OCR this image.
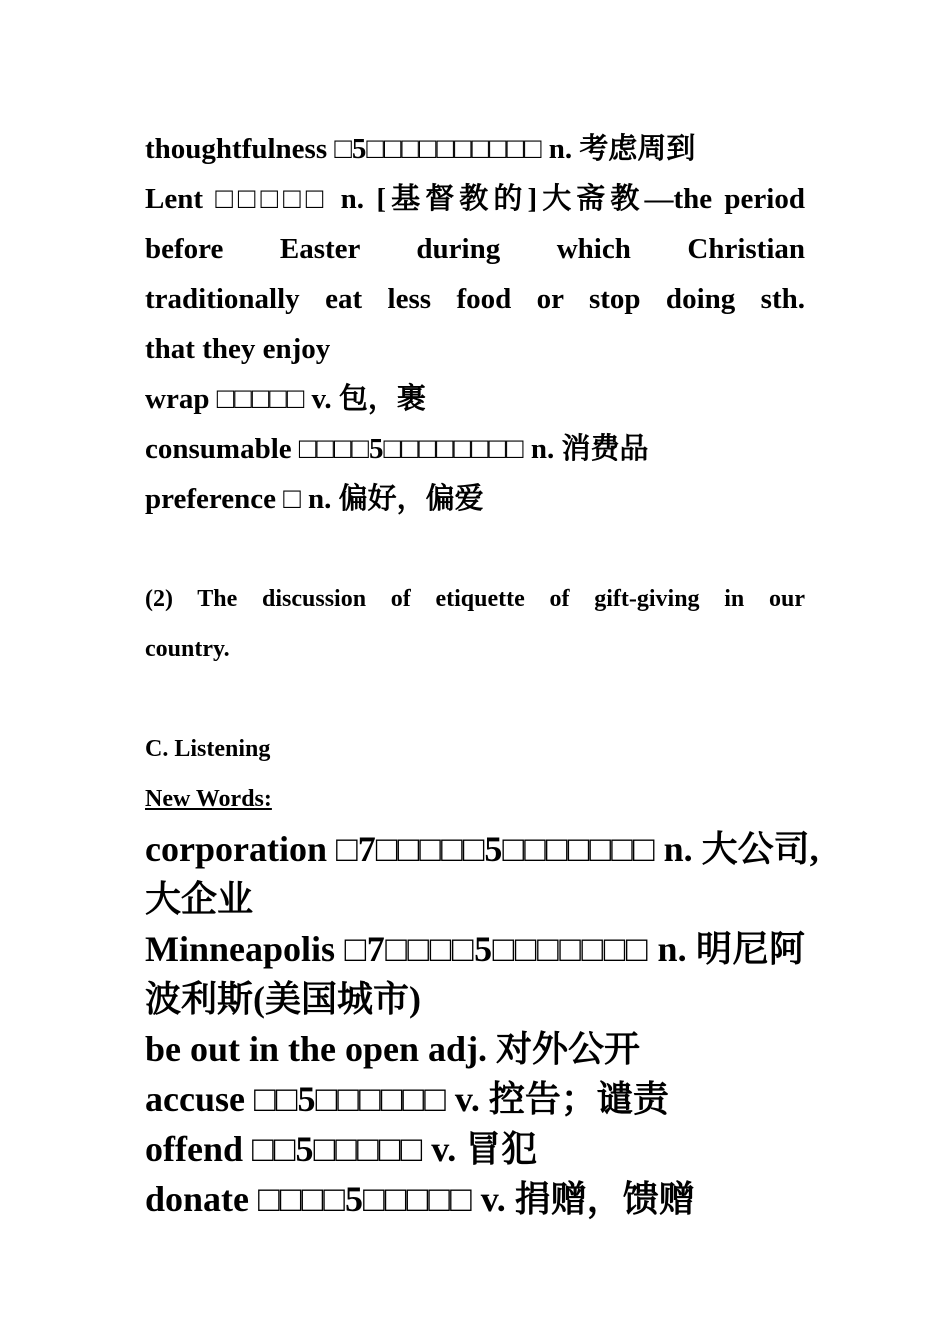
thoughtfulness □5□□□□□□□□□□ n. 考虑周到
Lent □□□□□ n. [基督教的]大斋教―the period
before Easter during which Christian
traditionally eat less food or stop doing sth.
that they enjoy
wrap □□□□□ v. 包，裹
consumable □□□□5□□□□□□□□ n. 消费品
preference □ n. 偏好，偏爱
(2) The discussion of etiquette of gift-giving in our
country.
C. Listening
New Words:
corporation □7□□□□□5□□□□□□□ n. 大公司,
大企业
Minneapolis □7□□□□5□□□□□□□ n. 明尼阿
波利斯(美国城市)
be out in the open adj. 对外公开
accuse □□5□□□□□□ v. 控告；谴责
offend □□5□□□□□ v. 冒犯
donate □□□□5□□□□□ v. 捐赠，馈赠
